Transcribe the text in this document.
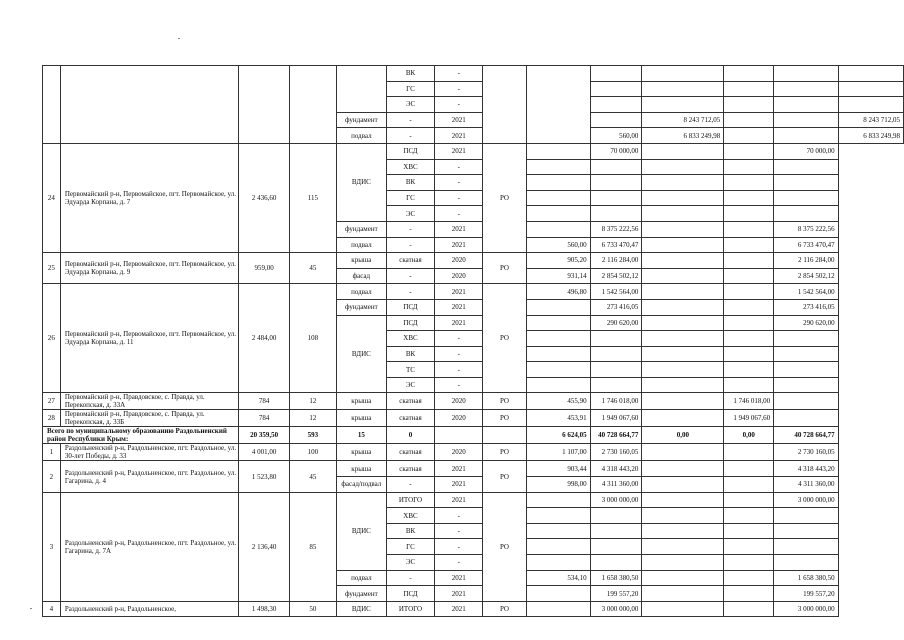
					ВК	-							
					ГС	-							
					ЭС	-							
				фундамент	-	2021				8 243 712,05			8 243 712,05
				подвал	-	2021			560,00	6 833 249,98			6 833 249,98
24	Первомайский р-н, Первомайское, пгт. Первомайское, ул. Эдуарда Корпана, д. 7	2 436,60	115	ВДИС	ПСД	2021	РО		70 000,00			70 000,00	
					ХВС	-							
					ВК	-							
					ГС	-							
					ЭС	-							
				фундамент	-	2021			8 375 222,56			8 375 222,56	
				подвал	-	2021		560,00	6 733 470,47			6 733 470,47	
25	Первомайский р-н, Первомайское, пгт. Первомайское, ул. Эдуарда Корпана, д. 9	959,00	45	крыша	скатная	2020	РО	905,20	2 116 284,00			2 116 284,00	
				фасад	-	2020		931,14	2 854 502,12			2 854 502,12	
26	Первомайский р-н, Первомайское, пгт. Первомайское, ул. Эдуарда Корпана, д. 11	2 484,00	108	подвал	-	2021	РО	496,80	1 542 564,00			1 542 564,00	
				фундамент	ПСД	2021			273 416,05			273 416,05	
				ВДИС	ПСД	2021			290 620,00			290 620,00	
					ХВС	-							
					ВК	-							
					ТС	-							
					ЭС	-							
27	Первомайский р-н, Правдовское, с. Правда, ул. Перекопская, д. 33А	784	12	крыша	скатная	2020	РО	455,90	1 746 018,00		1 746 018,00		
28	Первомайский р-н, Правдовское, с. Правда, ул. Перекопская, д. 33Б	784	12	крыша	скатная	2020	РО	453,91	1 949 067,60		1 949 067,60		
Всего по муниципальному образованию Раздольненский район Республики Крым:		20 359,50	593	15	0			6 624,05	40 728 664,77	0,00	0,00	40 728 664,77	
1	Раздольненский р-н, Раздольненское, пгт. Раздольное, ул. 30-лет Победы, д. 33	4 001,00	100	крыша	скатная	2020	РО	1 107,00	2 730 160,05			2 730 160,05	
2	Раздольненский р-н, Раздольненское, пгт. Раздольное, ул. Гагарина, д. 4	1 523,80	45	крыша	скатная	2021	РО	903,44	4 318 443,20			4 318 443,20	
				фасад/подвал	-	2021		998,00	4 311 360,00			4 311 360,00	
3	Раздольненский р-н, Раздольненское, пгт. Раздольное, ул. Гагарина, д. 7А	2 136,40	85	ВДИС	ИТОГО	2021	РО		3 000 000,00			3 000 000,00	
					ХВС	-							
					ВК	-							
					ГС	-							
					ЭС	-							
				подвал	-	2021		534,10	1 658 380,50			1 658 380,50	
				фундамент	ПСД	2021			199 557,20			199 557,20	
4	Раздольненский р-н, Раздольненское,	1 498,30	50	ВДИС	ИТОГО	2021	РО		3 000 000,00			3 000 000,00	
